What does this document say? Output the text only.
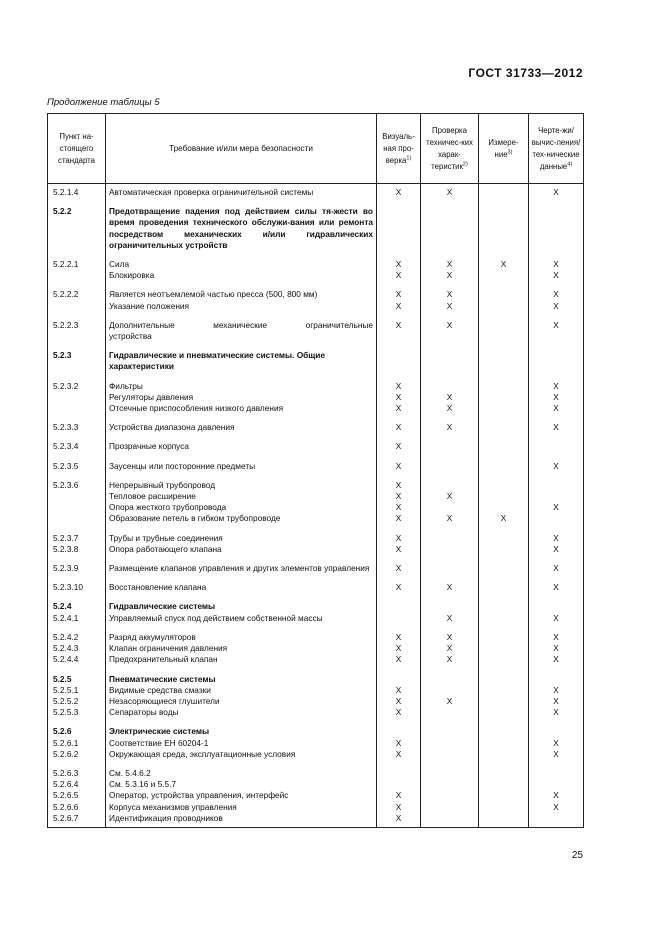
ГОСТ 31733—2012
Продолжение таблицы 5
Пункт на-стоящего стандарта	Требование и/или мера безопасности	Визуаль-ная про-верка$^{1)}$	Проверка техничес-ких харак-теристик$^{2)}$	Измере-ние$^{3)}$	Черте-жи/вычис-ления/тех-нические данные$^{4)}$
5.2.1.4	Автоматическая проверка ограничительной системы	X	X		X
5.2.2	Предотвращение падения под действием силы тя-жести во время проведения технического обслужи-вания или ремонта посредством механических и/или гидравлических ограничительных устройств				
5.2.2.1	Сила	X	X	X	X
	Блокировка	X	X		X
5.2.2.2	Является неотъемлемой частью пресса (500, 800 мм)	X	X		X
	Указание положения	X	X		X
5.2.2.3	Дополнительные механические ограничительные
устройства	X	X		X
5.2.3	Гидравлические и пневматические системы. Общие характеристики				
5.2.3.2	Фильтры	X			X
	Регуляторы давления	X	X		X
	Отсечные приспособления низкого давления	X	X		X
5.2.3.3	Устройства диапазона давления	X	X		X
5.2.3.4	Прозрачные корпуса	X			
5.2.3.5	Заусенцы или посторонние предметы	X			X
5.2.3.6	Непрерывный трубопровод	X			
	Тепловое расширение	X	X		
	Опора жесткого трубопровода	X			X
	Образование петель в гибком трубопроводе	X	X	X	
5.2.3.7	Трубы и трубные соединения	X			X
5.2.3.8	Опора работающего клапана	X			X
5.2.3.9	Размещение клапанов управления и других элементов управления	X			X
5.2.3.10	Восстановление клапана	X	X		X
5.2.4	Гидравлические системы				
5.2.4.1	Управляемый спуск под действием собственной массы		X		X
5.2.4.2	Разряд аккумуляторов	X	X		X
5.2.4.3	Клапан ограничения давления	X	X		X
5.2.4.4	Предохранительный клапан	X	X		X
5.2.5	Пневматические системы				
5.2.5.1	Видимые средства смазки	X			X
5.2.5.2	Незасоряющиеся глушители	X	X		X
5.2.5.3	Сепараторы воды	X			X
5.2.6	Электрические системы				
5.2.6.1	Соответствие ЕН 60204-1	X			X
5.2.6.2	Окружающая среда, эксплуатационные условия	X			X
5.2.6.3	См. 5.4.6.2				
5.2.6.4	См. 5.3.16 и 5.5.7				
5.2.6.5	Оператор, устройства управления, интерфейс	X			X
5.2.6.6	Корпуса механизмов управления	X			X
5.2.6.7	Идентификация проводников	X			
25
